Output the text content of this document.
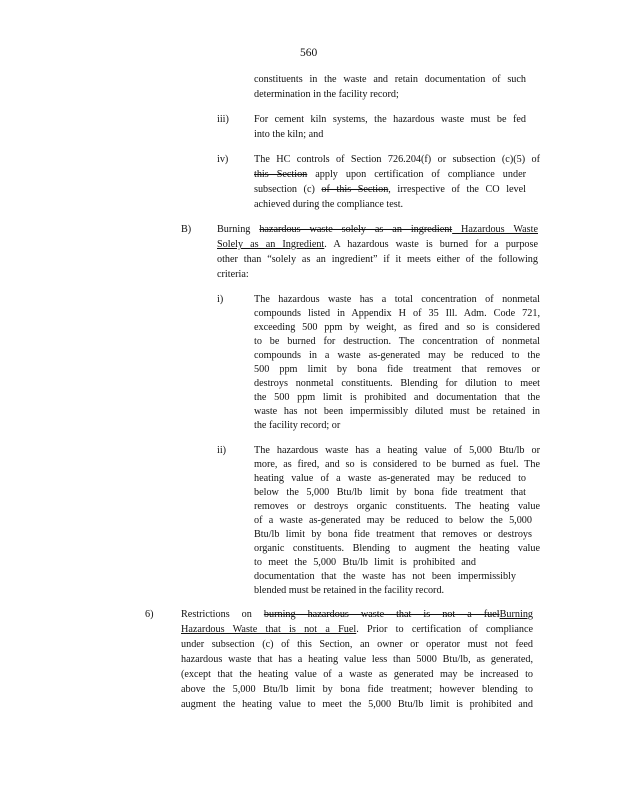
560
constituents in the waste and retain documentation of such
determination in the facility record;
iii) For cement kiln systems, the hazardous waste must be fed
into the kiln; and
iv)	The HC controls of Section 726.204(f) or subsection (c)(5) of
this Section apply upon certification of compliance under
subsection (c) of this Section, irrespective of the CO level
achieved during the compliance test.
B)	Burning hazardous waste solely as an ingredient Hazardous Waste
Solely as an Ingredient. A hazardous waste is burned for a purpose
other than “solely as an ingredient” if it meets either of the following
criteria:
i)	The hazardous waste has a total concentration of nonmetal
compounds listed in Appendix H of 35 Ill. Adm. Code 721,
exceeding 500 ppm by weight, as fired and so is considered
to be burned for destruction. The concentration of nonmetal
compounds in a waste as-generated may be reduced to the
500 ppm limit by bona fide treatment that removes or
destroys nonmetal constituents. Blending for dilution to meet
the 500 ppm limit is prohibited and documentation that the
waste has not been impermissibly diluted must be retained in
the facility record; or
ii)	The hazardous waste has a heating value of 5,000 Btu/lb or
more, as fired, and so is considered to be burned as fuel. The
heating value of a waste as-generated may be reduced to
below the 5,000 Btu/lb limit by bona fide treatment that
removes or destroys organic constituents. The heating value
of a waste as-generated may be reduced to below the 5,000
Btu/lb limit by bona fide treatment that removes or destroys
organic constituents. Blending to augment the heating value
to meet the 5,000 Btu/lb limit is prohibited and
documentation that the waste has not been impermissibly
blended must be retained in the facility record.
6)	Restrictions on burning hazardous waste that is not a fuelBurning
Hazardous Waste that is not a Fuel. Prior to certification of compliance
under subsection (c) of this Section, an owner or operator must not feed
hazardous waste that has a heating value less than 5000 Btu/lb, as generated,
(except that the heating value of a waste as generated may be increased to
above the 5,000 Btu/lb limit by bona fide treatment; however blending to
augment the heating value to meet the 5,000 Btu/lb limit is prohibited and
